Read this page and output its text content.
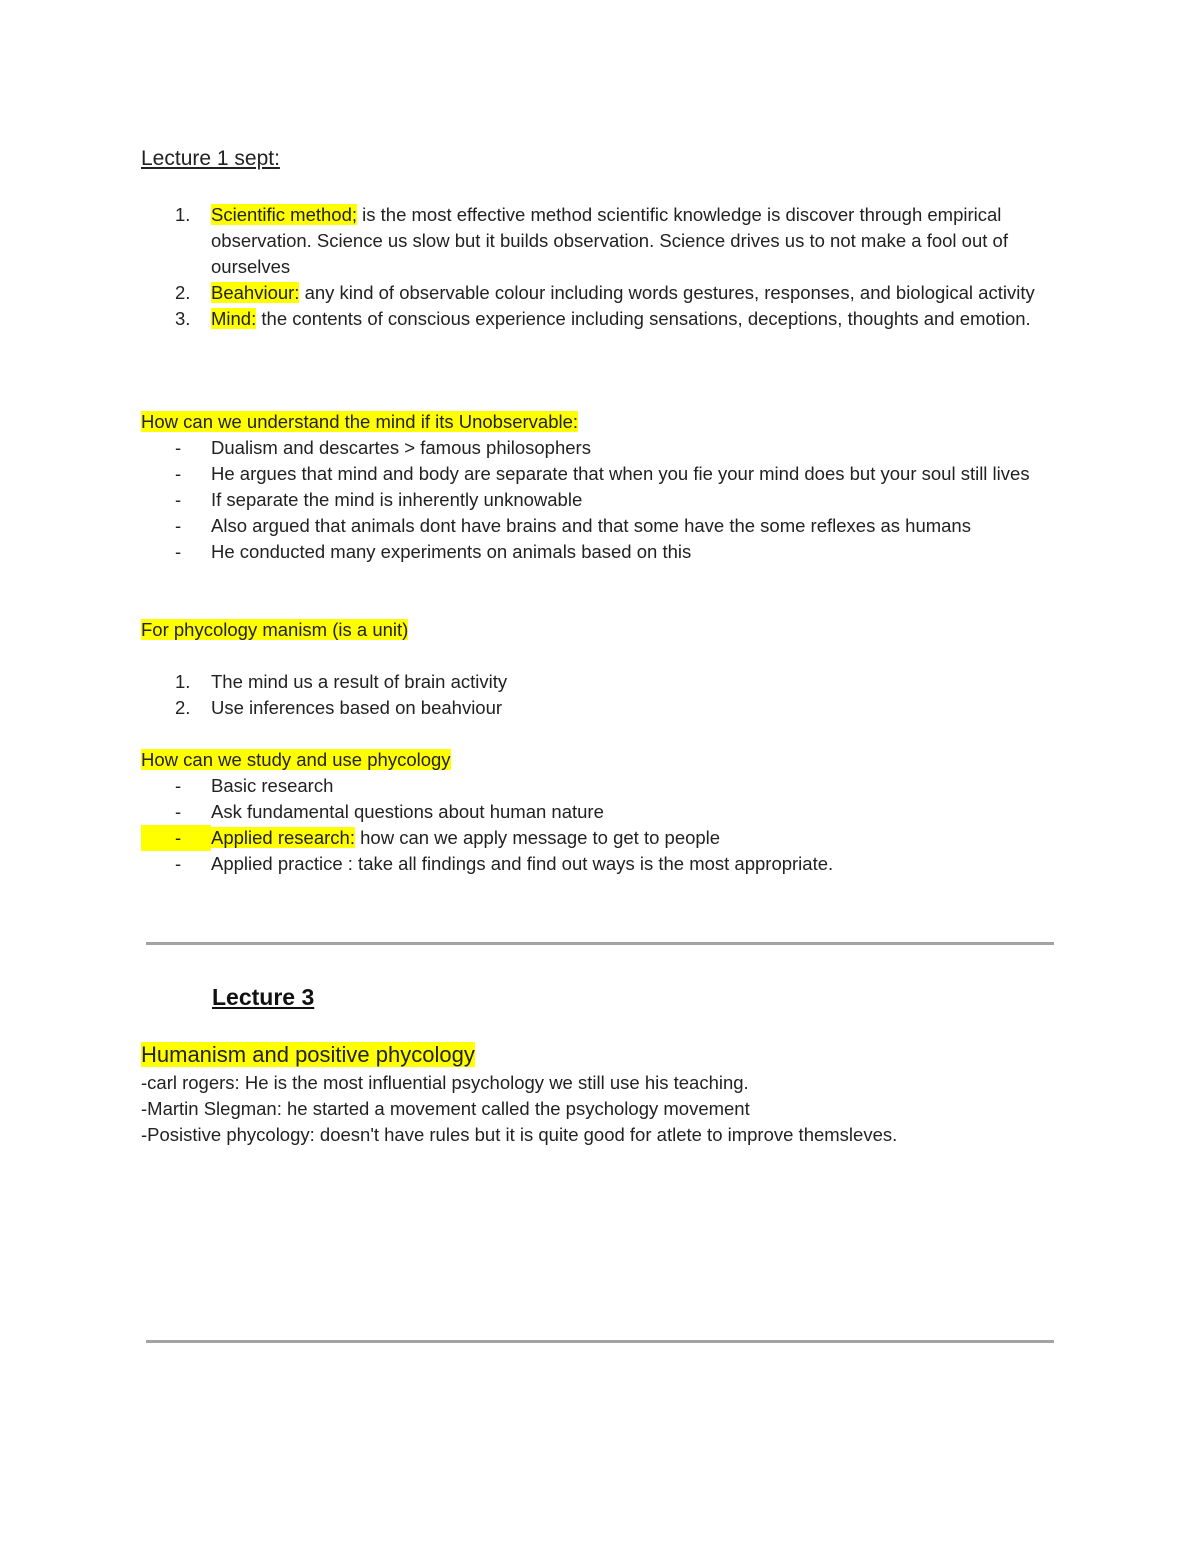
Lecture 1 sept:
1. Scientific method; is the most effective method scientific knowledge is discover through empirical observation. Science us slow but it builds observation. Science drives us to not make a fool out of ourselves
2. Beahviour: any kind of observable colour including words gestures, responses, and biological activity
3. Mind: the contents of conscious experience including sensations, deceptions, thoughts and emotion.
How can we understand the mind if its Unobservable:
- Dualism and descartes > famous philosophers
- He argues that mind and body are separate that when you fie your mind does but your soul still lives
- If separate the mind is inherently unknowable
- Also argued that animals dont have brains and that some have the some reflexes as humans
- He conducted many experiments on animals based on this
For phycology manism (is a unit)
1. The mind us a result of brain activity
2. Use inferences based on beahviour
How can we study and use phycology
- Basic research
- Ask fundamental questions about human nature
- Applied research: how can we apply message to get to people
- Applied practice : take all findings and find out ways is the most appropriate.
Lecture 3
Humanism and positive phycology
-carl rogers: He is the most influential psychology we still use his teaching.
-Martin Slegman: he started a movement called the psychology movement
-Posistive phycology: doesn't have rules but it is quite good for atlete to improve themsleves.
